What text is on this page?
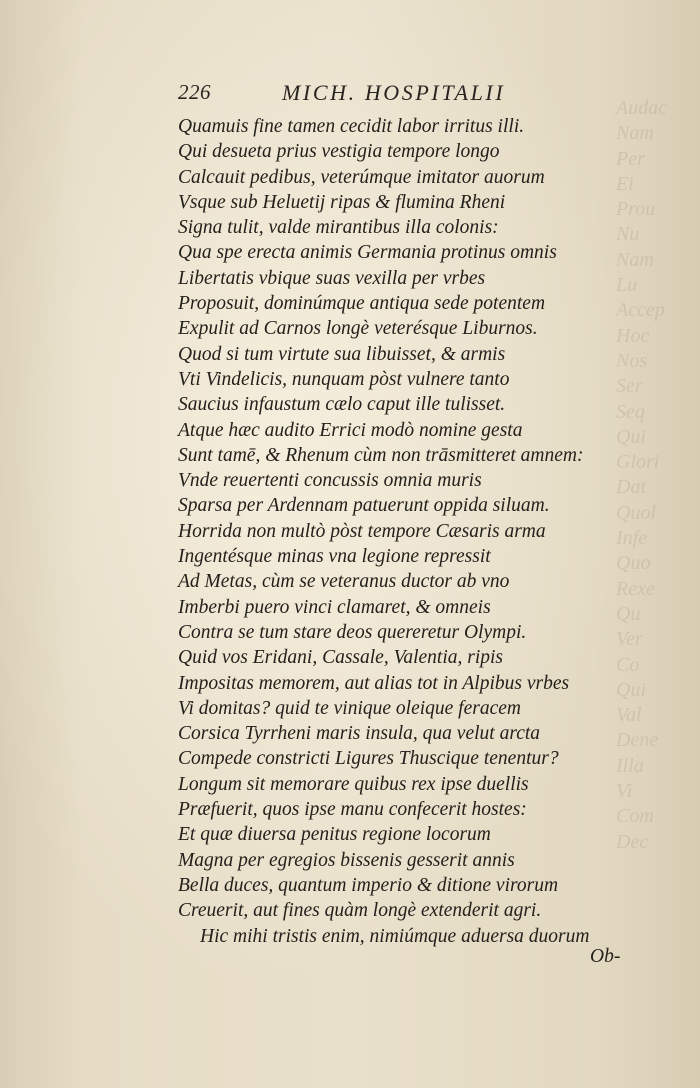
Audac
Nam
Per
Ei
Prou
Nu
Nam
Lu
Accep
Hoc
Nos
Ser
Seq
Qui
Glori
Dat
Quol
Infe
Quo
Rexe
Qu
Ver
Co
Qui
Val
Dene
Illa
Vi
Com
Dec
226	MICH. HOSPITALII
Quamuis fine tamen cecidit labor irritus illi.
Qui desueta prius vestigia tempore longo
Calcauit pedibus, veterúmque imitator auorum
Vsque sub Heluetij ripas & flumina Rheni
Signa tulit, valde mirantibus illa colonis:
Qua spe erecta animis Germania protinus omnis
Libertatis vbique suas vexilla per vrbes
Proposuit, dominúmque antiqua sede potentem
Expulit ad Carnos longè veterésque Liburnos.
Quod si tum virtute sua libuisset, & armis
Vti Vindelicis, nunquam pòst vulnere tanto
Saucius infaustum cælo caput ille tulisset.
Atque hæc audito Errici modò nomine gesta
Sunt tamē, & Rhenum cùm non trāsmitteret amnem:
Vnde reuertenti concussis omnia muris
Sparsa per Ardennam patuerunt oppida siluam.
Horrida non multò pòst tempore Cæsaris arma
Ingentésque minas vna legione repressit
Ad Metas, cùm se veteranus ductor ab vno
Imberbi puero vinci clamaret, & omneis
Contra se tum stare deos quereretur Olympi.
Quid vos Eridani, Cassale, Valentia, ripis
Impositas memorem, aut alias tot in Alpibus vrbes
Vi domitas? quid te vinique oleique feracem
Corsica Tyrrheni maris insula, qua velut arcta
Compede constricti Ligures Thuscique tenentur?
Longum sit memorare quibus rex ipse duellis
Præfuerit, quos ipse manu confecerit hostes:
Et quæ diuersa penitus regione locorum
Magna per egregios bissenis gesserit annis
Bella duces, quantum imperio & ditione virorum
Creuerit, aut fines quàm longè extenderit agri.
Hic mihi tristis enim, nimiúmque aduersa duorum
Ob-
